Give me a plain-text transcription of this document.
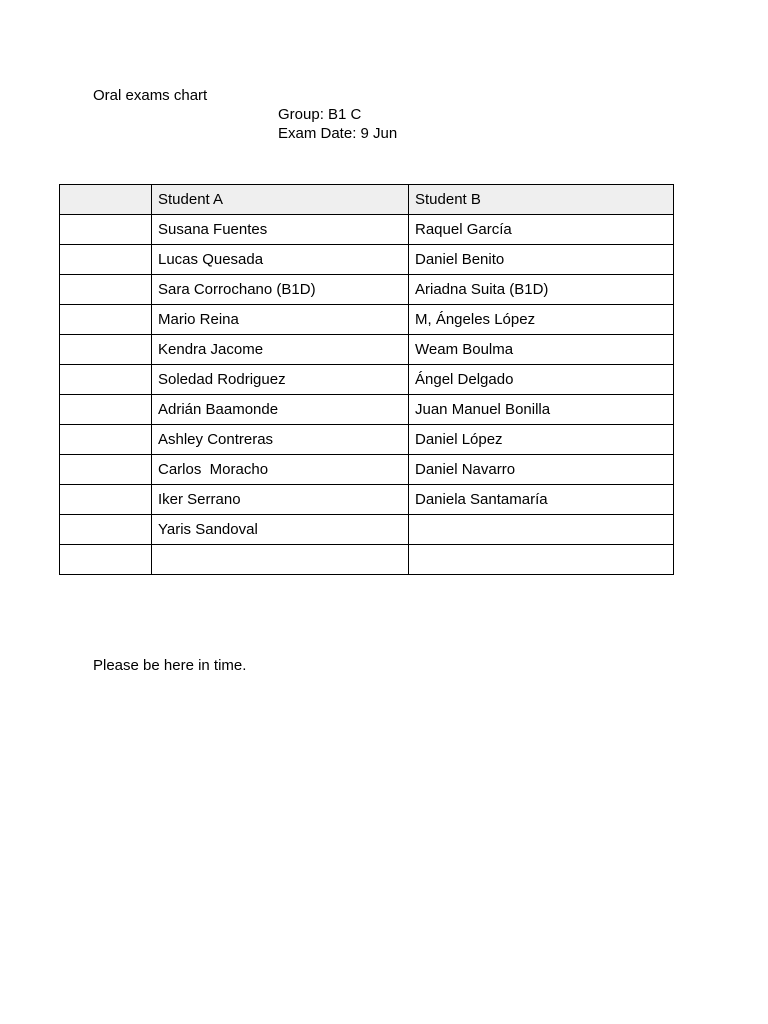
Oral exams chart
Group: B1 C
Exam Date: 9 Jun
	Student A	Student B
	Susana Fuentes	Raquel García
	Lucas Quesada	Daniel Benito
	Sara Corrochano (B1D)	Ariadna Suita (B1D)
	Mario Reina	M, Ángeles López
	Kendra Jacome	Weam Boulma
	Soledad Rodriguez	Ángel Delgado
	Adrián Baamonde	Juan Manuel Bonilla
	Ashley Contreras	Daniel López
	Carlos  Moracho	Daniel Navarro
	Iker Serrano	Daniela Santamaría
	Yaris Sandoval	

Please be here in time.
